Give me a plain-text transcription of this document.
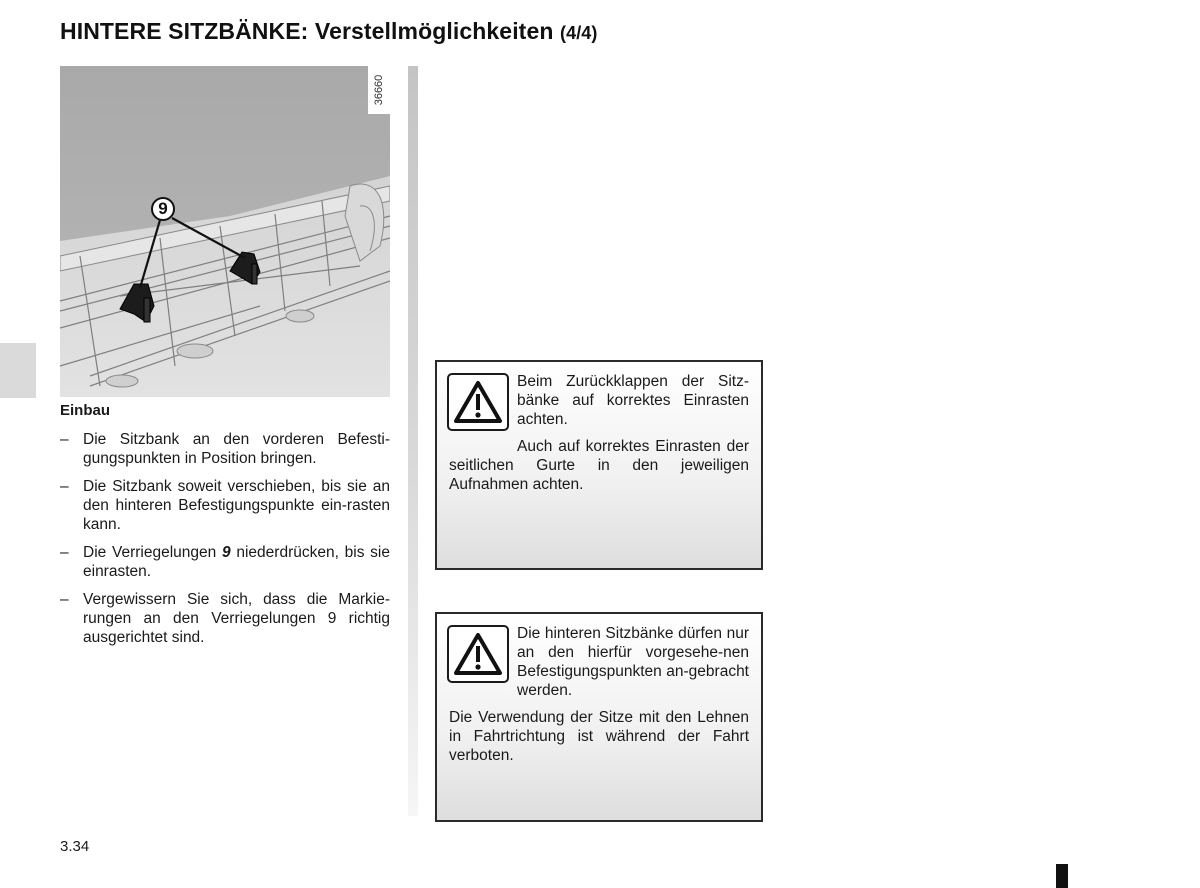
HINTERE SITZBÄNKE: Verstellmöglichkeiten (4/4)
36660
9
Einbau
– Die Sitzbank an den vorderen Befesti-gungspunkten in Position bringen.
– Die Sitzbank soweit verschieben, bis sie an den hinteren Befestigungspunkte ein-rasten kann.
– Die Verriegelungen 9 niederdrücken, bis sie einrasten.
– Vergewissern Sie sich, dass die Markie-rungen an den Verriegelungen 9 richtig ausgerichtet sind.

Beim Zurückklappen der Sitz-bänke auf korrektes Einrasten achten.

Auch auf korrektes Einrasten der seitlichen Gurte in den jeweiligen Aufnahmen achten.

Die hinteren Sitzbänke dürfen nur an den hierfür vorgesehe-nen Befestigungspunkten an-gebracht werden.

Die Verwendung der Sitze mit den Lehnen in Fahrtrichtung ist während der Fahrt verboten.

3.34
